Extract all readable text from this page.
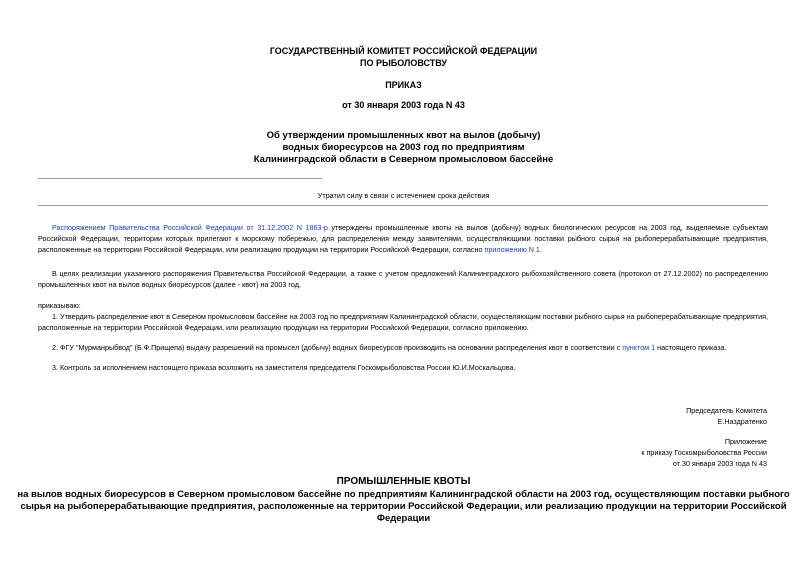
ГОСУДАРСТВЕННЫЙ КОМИТЕТ РОССИЙСКОЙ ФЕДЕРАЦИИ
ПО РЫБОЛОВСТВУ
ПРИКАЗ
от 30 января 2003 года N 43
Об утверждении промышленных квот на вылов (добычу)
водных биоресурсов на 2003 год по предприятиям
Калининградской области в Северном промысловом бассейне
Утратил силу в связи с истечением срока действия
Распоряжением Правительства Российской Федерации от 31.12.2002 N 1863-р утверждены промышленные квоты на вылов (добычу) водных биологических ресурсов на 2003 год, выделяемые субъектам Российской Федерации, территории которых прилегают к морскому побережью, для распределения между заявителями, осуществляющими поставки рыбного сырья на рыбоперерабатывающие предприятия, расположенные на территории Российской Федерации, или реализацию продукции на территории Российской Федерации, согласно приложению N 1.
В целях реализации указанного распоряжения Правительства Российской Федерации, а также с учетом предложений Калининградского рыбохозяйственного совета (протокол от 27.12.2002) по распределению промышленных квот на вылов водных биоресурсов (далее - квот) на 2003 год,
приказываю:
1. Утвердить распределение квот в Северном промысловом бассейне на 2003 год по предприятиям Калининградской области, осуществляющим поставки рыбного сырья на рыбоперерабатывающие предприятия, расположенные на территории Российской Федерации, или реализацию продукции на территории Российской Федерации, согласно приложению.
2. ФГУ "Мурманрыбвод" (Б.Ф.Прищепа) выдачу разрешений на промысел (добычу) водных биоресурсов производить на основании распределения квот в соответствии с пунктом 1 настоящего приказа.
3. Контроль за исполнением настоящего приказа возложить на заместителя председателя Госкомрыболовства России Ю.И.Москальцова.
Председатель Комитета
Е.Наздратенко
Приложение
к приказу Госкомрыболовства России
от 30 января 2003 года N 43
ПРОМЫШЛЕННЫЕ КВОТЫ
на вылов водных биоресурсов в Северном промысловом бассейне по предприятиям Калининградской области на 2003 год, осуществляющим поставки рыбного
сырья на рыбоперерабатывающие предприятия, расположенные на территории Российской Федерации, или реализацию продукции на территории Российской
Федерации
